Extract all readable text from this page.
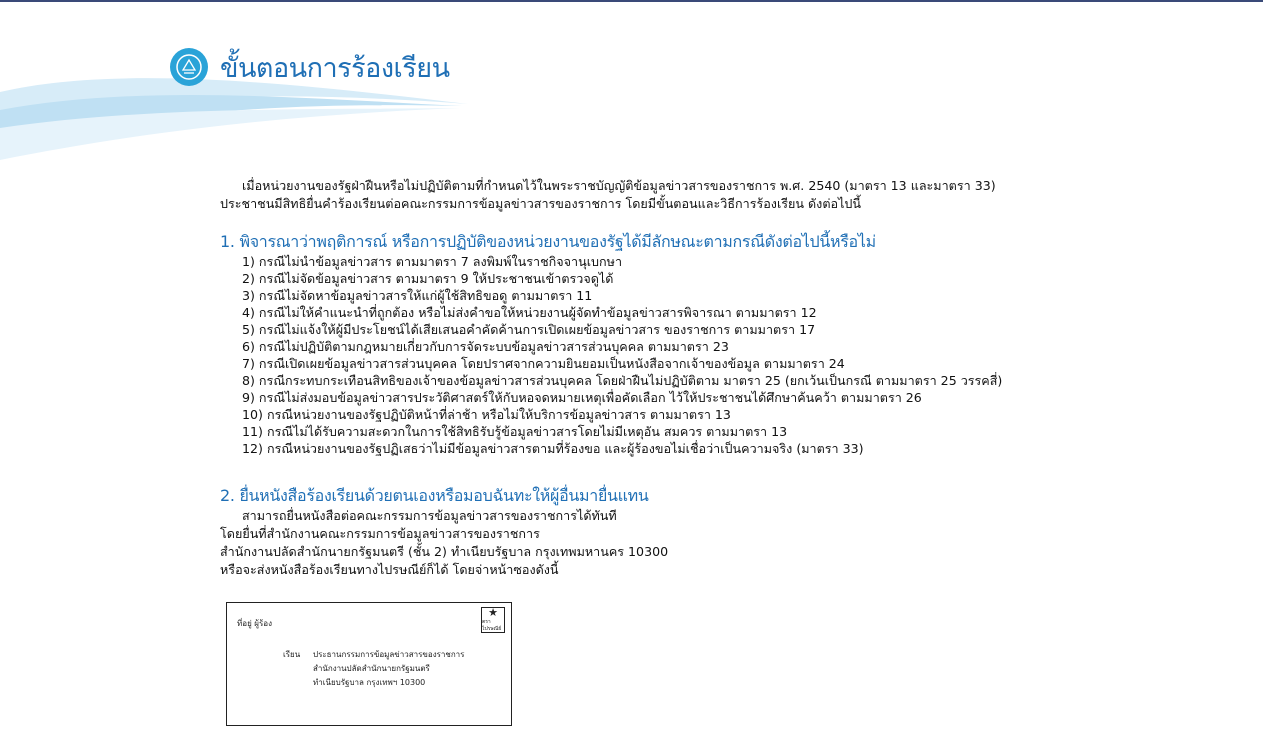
ขั้นตอนการร้องเรียน

เมื่อหน่วยงานของรัฐฝ่าฝืนหรือไม่ปฏิบัติตามที่กำหนดไว้ในพระราชบัญญัติข้อมูลข่าวสารของราชการ พ.ศ. 2540 (มาตรา 13 และมาตรา 33)

ประชาชนมีสิทธิยื่นคำร้องเรียนต่อคณะกรรมการข้อมูลข่าวสารของราชการ โดยมีขั้นตอนและวิธีการร้องเรียน ดังต่อไปนี้

1. พิจารณาว่าพฤติการณ์ หรือการปฏิบัติของหน่วยงานของรัฐได้มีลักษณะตามกรณีดังต่อไปนี้หรือไม่
1) กรณีไม่นำข้อมูลข่าวสาร ตามมาตรา 7 ลงพิมพ์ในราชกิจจานุเบกษา
2) กรณีไม่จัดข้อมูลข่าวสาร ตามมาตรา 9 ให้ประชาชนเข้าตรวจดูได้
3) กรณีไม่จัดหาข้อมูลข่าวสารให้แก่ผู้ใช้สิทธิขอดู ตามมาตรา 11
4) กรณีไม่ให้คำแนะนำที่ถูกต้อง หรือไม่ส่งคำขอให้หน่วยงานผู้จัดทำข้อมูลข่าวสารพิจารณา ตามมาตรา 12
5) กรณีไม่แจ้งให้ผู้มีประโยชน์ได้เสียเสนอคำคัดค้านการเปิดเผยข้อมูลข่าวสาร ของราชการ ตามมาตรา 17
6) กรณีไม่ปฏิบัติตามกฎหมายเกี่ยวกับการจัดระบบข้อมูลข่าวสารส่วนบุคคล ตามมาตรา 23
7) กรณีเปิดเผยข้อมูลข่าวสารส่วนบุคคล โดยปราศจากความยินยอมเป็นหนังสือจากเจ้าของข้อมูล ตามมาตรา 24
8) กรณีกระทบกระเทือนสิทธิของเจ้าของข้อมูลข่าวสารส่วนบุคคล โดยฝ่าฝืนไม่ปฏิบัติตาม มาตรา 25 (ยกเว้นเป็นกรณี ตามมาตรา 25 วรรคสี่)
9) กรณีไม่ส่งมอบข้อมูลข่าวสารประวัติศาสตร์ให้กับหอจดหมายเหตุเพื่อคัดเลือก ไว้ให้ประชาชนได้ศึกษาค้นคว้า ตามมาตรา 26
10) กรณีหน่วยงานของรัฐปฏิบัติหน้าที่ล่าช้า หรือไม่ให้บริการข้อมูลข่าวสาร ตามมาตรา 13
11) กรณีไม่ได้รับความสะดวกในการใช้สิทธิรับรู้ข้อมูลข่าวสารโดยไม่มีเหตุอัน สมควร ตามมาตรา 13
12) กรณีหน่วยงานของรัฐปฏิเสธว่าไม่มีข้อมูลข่าวสารตามที่ร้องขอ และผู้ร้องขอไม่เชื่อว่าเป็นความจริง (มาตรา 33)
2. ยื่นหนังสือร้องเรียนด้วยตนเองหรือมอบฉันทะให้ผู้อื่นมายื่นแทน

สามารถยื่นหนังสือต่อคณะกรรมการข้อมูลข่าวสารของราชการได้ทันที

โดยยื่นที่สำนักงานคณะกรรมการข้อมูลข่าวสารของราชการ

สำนักงานปลัดสำนักนายกรัฐมนตรี (ชั้น 2) ทำเนียบรัฐบาล กรุงเทพมหานคร 10300

หรือจะส่งหนังสือร้องเรียนทางไปรษณีย์ก็ได้ โดยจ่าหน้าซองดังนี้

ที่อยู่ ผู้ร้อง
★
ตราไปรษณีย์
เรียน ประธานกรรมการข้อมูลข่าวสารของราชการ
สำนักงานปลัดสำนักนายกรัฐมนตรี
ทำเนียบรัฐบาล กรุงเทพฯ 10300
